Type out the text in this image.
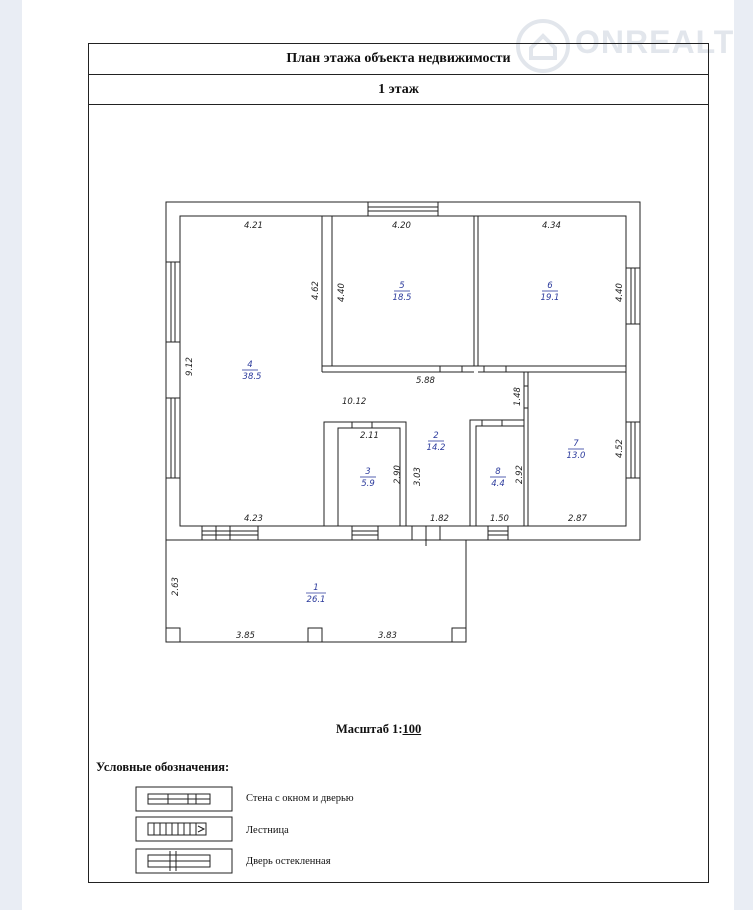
ONREALT
План этажа объекта недвижимости
1 этаж
4.21	4.20	4.34
4.62 4.40	4.40
9.12
5.88
10.12	1.48
2.11
2.90 3.03	2.92
4.52
4.23	1.82	1.50	2.87
2.63
3.85	3.83
4
38.5
5
18.5
6
19.1
2
14.2	7
13.0
3
5.9
8
4.4
1
26.1
Масштаб 1:100
Условные обозначения:
Стена с окном и дверью
Лестница
Дверь остекленная
